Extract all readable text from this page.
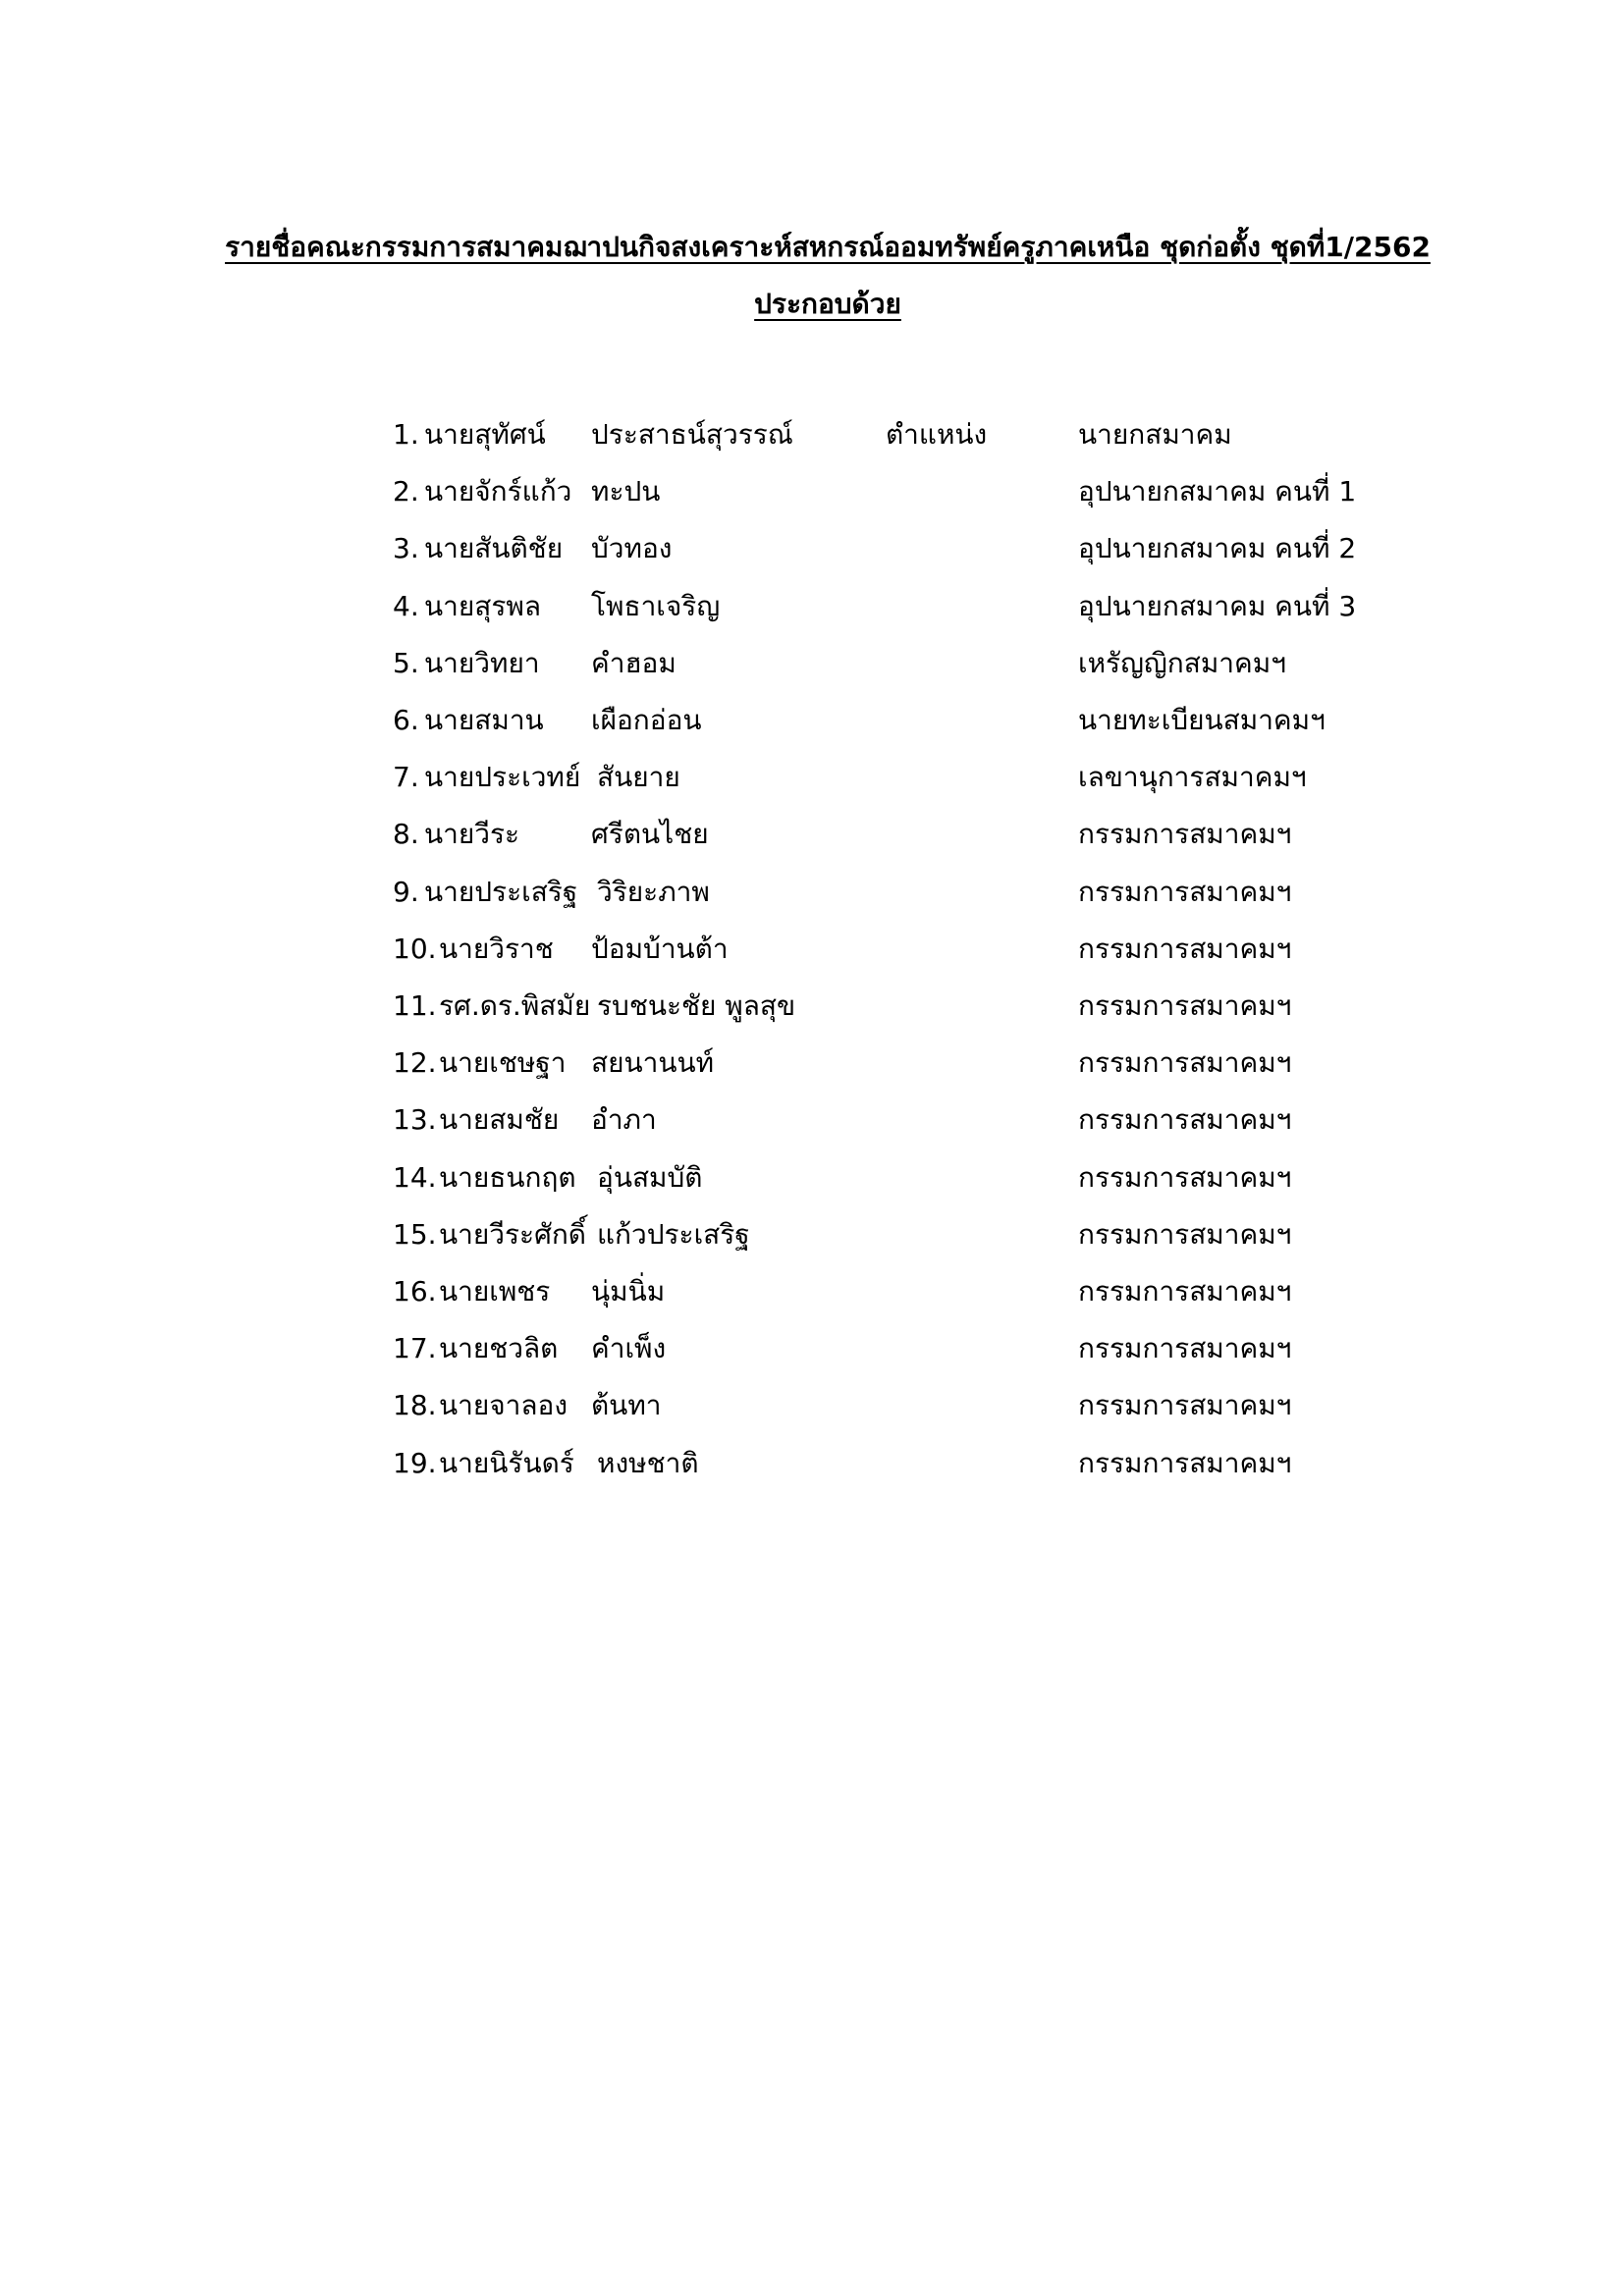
รายชื่อคณะกรรมการสมาคมฌาปนกิจสงเคราะห์สหกรณ์ออมทรัพย์ครูภาคเหนือ ชุดก่อตั้ง ชุดที่1/2562
ประกอบด้วย
1. นายสุทัศน์ ประสาธน์สุวรรณ์	ตำแหน่ง	นายกสมาคม
2. นายจักร์แก้ว ทะปน	อุปนายกสมาคม คนที่ 1
3. นายสันติชัย บัวทอง	อุปนายกสมาคม คนที่ 2
4. นายสุรพล โพธาเจริญ	อุปนายกสมาคม คนที่ 3
5. นายวิทยา คำฮอม	เหรัญญิกสมาคมฯ
6. นายสมาน เผือกอ่อน	นายทะเบียนสมาคมฯ
7. นายประเวทย์ สันยาย	เลขานุการสมาคมฯ
8. นายวีระ	ศรีตนไชย	กรรมการสมาคมฯ
9. นายประเสริฐ วิริยะภาพ	กรรมการสมาคมฯ
10. นายวิราช ป้อมบ้านต้า	กรรมการสมาคมฯ
11. รศ.ดร.พิสมัย รบชนะชัย พูลสุข	กรรมการสมาคมฯ
12. นายเชษฐา สยนานนท์	กรรมการสมาคมฯ
13. นายสมชัย อำภา	กรรมการสมาคมฯ
14. นายธนกฤต อุ่นสมบัติ	กรรมการสมาคมฯ
15. นายวีระศักดิ์ แก้วประเสริฐ	กรรมการสมาคมฯ
16. นายเพชร นุ่มนิ่ม	กรรมการสมาคมฯ
17. นายชวลิต คำเพ็ง	กรรมการสมาคมฯ
18. นายจาลอง ต้นทา	กรรมการสมาคมฯ
19. นายนิรันดร์ หงษชาติ	กรรมการสมาคมฯ
